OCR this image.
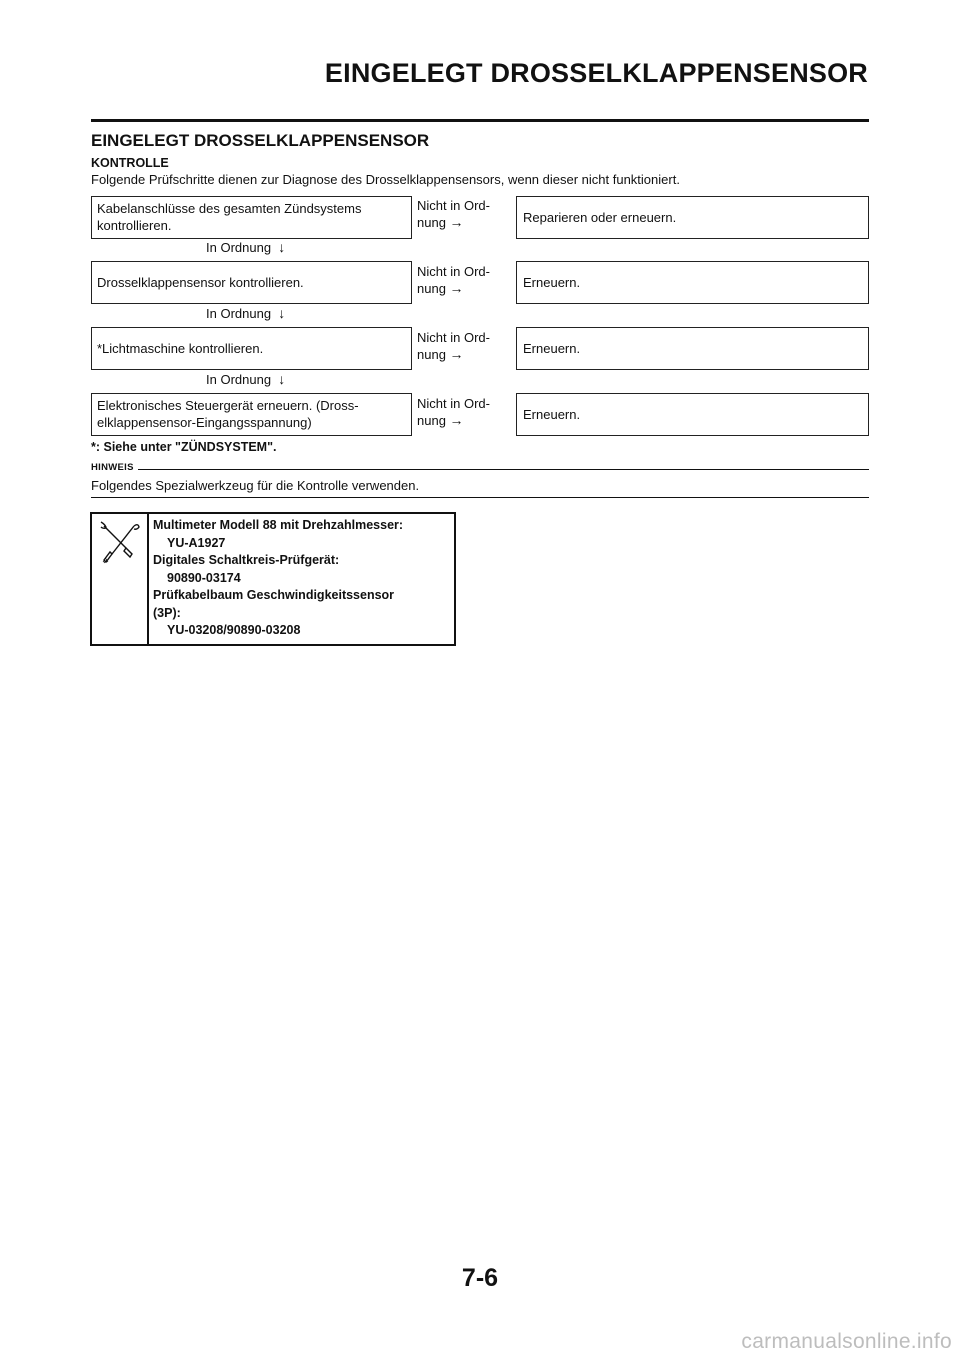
EINGELEGT DROSSELKLAPPENSENSOR
EINGELEGT DROSSELKLAPPENSENSOR
KONTROLLE
Folgende Prüfschritte dienen zur Diagnose des Drosselklappensensors, wenn dieser nicht funktioniert.
Kabelanschlüsse des gesamten Zündsystems
kontrollieren.
Nicht in Ord-
nung →	Reparieren oder erneuern.
In Ordnung ↓
Drosselklappensensor kontrollieren.
Nicht in Ord-
nung →	Erneuern.
In Ordnung ↓
*Lichtmaschine kontrollieren.
Nicht in Ord-
nung →	Erneuern.
In Ordnung ↓
Elektronisches Steuergerät erneuern. (Dross-
elklappensensor-Eingangsspannung)
Nicht in Ord-
nung →	Erneuern.
*: Siehe unter "ZÜNDSYSTEM".
HINWEIS
Folgendes Spezialwerkzeug für die Kontrolle verwenden.
Multimeter Modell 88 mit Drehzahlmesser:
YU-A1927
Digitales Schaltkreis-Prüfgerät:
90890-03174
Prüfkabelbaum Geschwindigkeitssensor
(3P):
YU-03208/90890-03208
7-6
carmanualsonline.info
